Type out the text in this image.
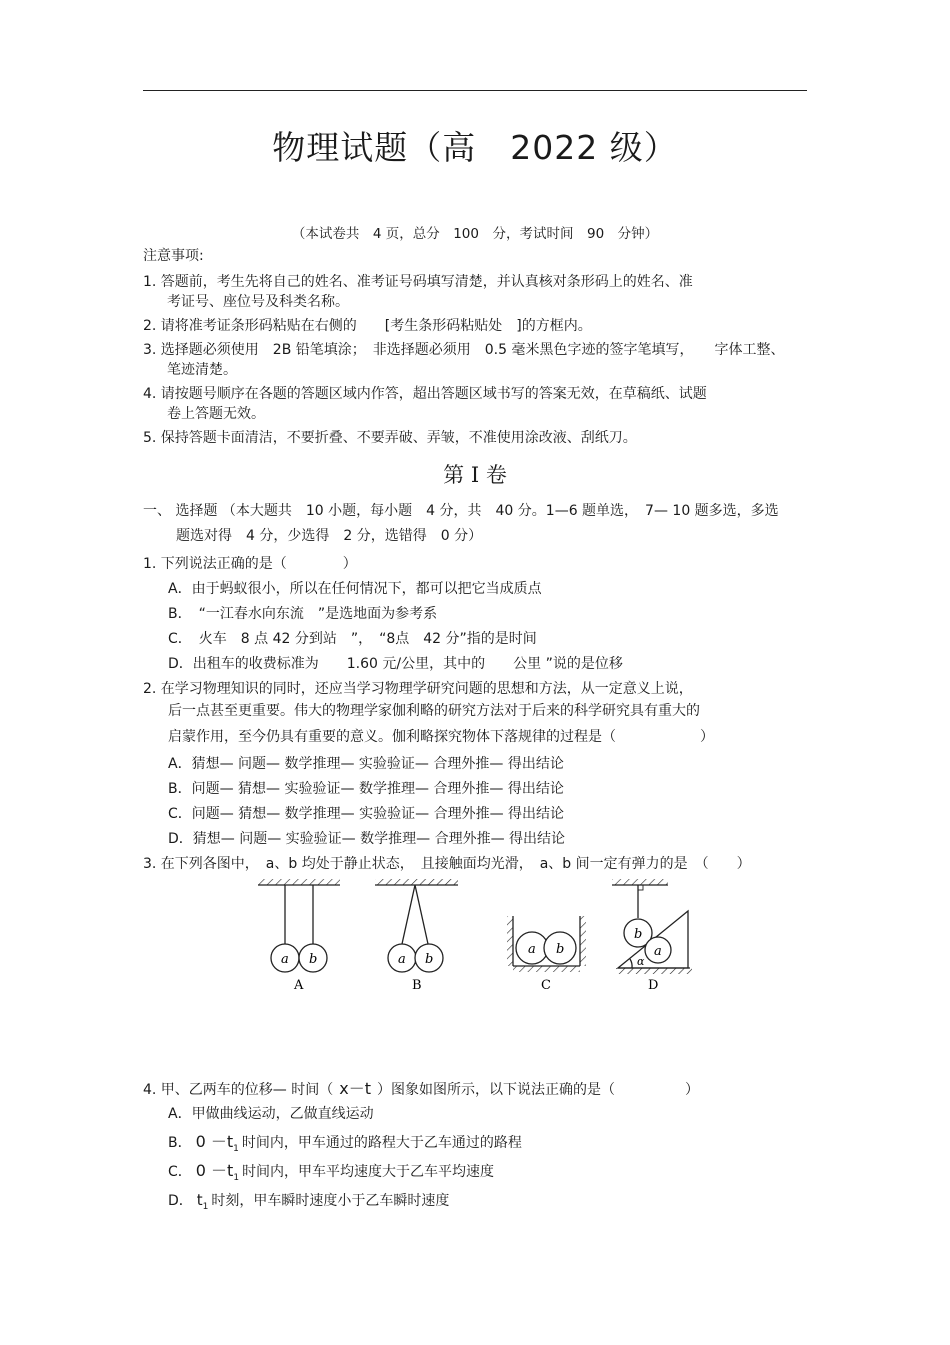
物理试题（高　2022 级）
（本试卷共　4 页，总分　100　分，考试时间　90　分钟）
注意事项:
1. 答题前，考生先将自己的姓名、准考证号码填写清楚，并认真核对条形码上的姓名、准
考证号、座位号及科类名称。
2. 请将准考证条形码粘贴在右侧的　　[考生条形码粘贴处　]的方框内。
3. 选择题必须使用　2B 铅笔填涂；　非选择题必须用　0.5 毫米黑色字迹的签字笔填写，　　字体工整、
笔迹清楚。
4. 请按题号顺序在各题的答题区域内作答，超出答题区域书写的答案无效，在草稿纸、试题
卷上答题无效。
5. 保持答题卡面清洁，不要折叠、不要弄破、弄皱，不准使用涂改液、刮纸刀。
第 I 卷
一、 选择题 （本大题共　10 小题，每小题　4 分，共　40 分。1—6 题单选，　7— 10 题多选，多选
题选对得　4 分，少选得　2 分，选错得　0 分）
1. 下列说法正确的是（　　　　）
A．由于蚂蚁很小，所以在任何情况下，都可以把它当成质点
B．　“一江春水向东流　”是选地面为参考系
C．　火车　8 点 42 分到站　”，　“8点　42 分”指的是时间
D．出租车的收费标准为　　1.60 元/公里，其中的　　公里 ”说的是位移
2. 在学习物理知识的同时，还应当学习物理学研究问题的思想和方法，从一定意义上说，
后一点甚至更重要。伟大的物理学家伽利略的研究方法对于后来的科学研究具有重大的
启蒙作用，至今仍具有重要的意义。伽利略探究物体下落规律的过程是（　　　　　　）
A．猜想— 问题— 数学推理— 实验验证— 合理外推— 得出结论
B．问题— 猜想— 实验验证— 数学推理— 合理外推— 得出结论
C．问题— 猜想— 数学推理— 实验验证— 合理外推— 得出结论
D．猜想— 问题— 实验验证— 数学推理— 合理外推— 得出结论
3. 在下列各图中，　a、b 均处于静止状态，　且接触面均光滑，　a、b 间一定有弹力的是　（　　）
a b	a b
a b
b
a
α
A	B	C	D
4. 甲、乙两车的位移— 时间（ x－t ）图象如图所示，以下说法正确的是（　　　　　）
A．甲做曲线运动，乙做直线运动
B． $0 -t_1$ 时间内，甲车通过的路程大于乙车通过的路程
C． $0 -t_1$ 时间内，甲车平均速度大于乙车平均速度
D． $t_1$ 时刻，甲车瞬时速度小于乙车瞬时速度
